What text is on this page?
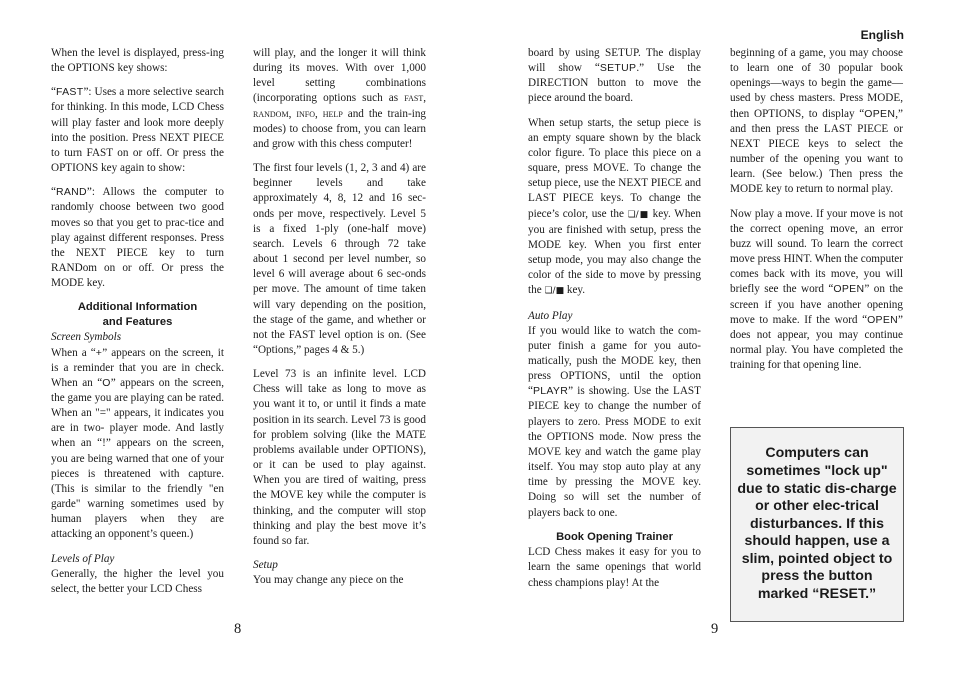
English

When the level is displayed, press-ing the OPTIONS key shows:

“FAST”: Uses a more selective search for thinking. In this mode, LCD Chess will play faster and look more deeply into the position. Press NEXT PIECE to turn FAST on or off. Or press the OPTIONS key again to show:

“RAND”: Allows the computer to randomly choose between two good moves so that you get to prac-tice and play against different responses. Press the NEXT PIECE key to turn RANDom on or off. Or press the MODE key.

Additional Information
and Features

Screen Symbols

When a “+” appears on the screen, it is a reminder that you are in check. When an “O” appears on the screen, the game you are playing can be rated. When an "=" appears, it indicates you are in two- player mode. And lastly when an “!” appears on the screen, you are being warned that one of your pieces is threatened with capture. (This is similar to the friendly "en garde" warning sometimes used by human players when they are attacking an opponent’s queen.)

Levels of Play

Generally, the higher the level you select, the better your LCD Chess

will play, and the longer it will think during its moves. With over 1,000 level setting combinations (incorporating options such as fast, random, info, help and the train-ing modes) to choose from, you can learn and grow with this chess computer!

The first four levels (1, 2, 3 and 4) are beginner levels and take approximately 4, 8, 12 and 16 sec-onds per move, respectively. Level 5 is a fixed 1-ply (one-half move) search. Levels 6 through 72 take about 1 second per level number, so level 6 will average about 6 sec-onds per move. The amount of time taken will vary depending on the position, the stage of the game, and whether or not the FAST level option is on. (See “Options,” pages 4 & 5.)

Level 73 is an infinite level. LCD Chess will take as long to move as you want it to, or until it finds a mate position in its search. Level 73 is good for problem solving (like the MATE problems available under OPTIONS), or it can be used to play against. When you are tired of waiting, press the MOVE key while the computer is thinking, and the computer will stop thinking and play the best move it’s found so far.

Setup

You may change any piece on the

board by using SETUP. The display will show “SETUP.” Use the DIRECTION button to move the piece around the board.

When setup starts, the setup piece is an empty square shown by the black color figure. To place this piece on a square, press MOVE. To change the setup piece, use the NEXT PIECE and LAST PIECE keys. To change the piece’s color, use the ❏/■ key. When you are finished with setup, press the MODE key. When you first enter setup mode, you may also change the color of the side to move by pressing the ❏/■ key.

Auto Play

If you would like to watch the com-puter finish a game for you auto-matically, push the MODE key, then press OPTIONS, until the option “PLAYR” is showing. Use the LAST PIECE key to change the number of players to zero. Press MODE to exit the OPTIONS mode. Now press the MOVE key and watch the game play itself. You may stop auto play at any time by pressing the MOVE key. Doing so will set the number of players back to one.

Book Opening Trainer

LCD Chess makes it easy for you to learn the same openings that world chess champions play! At the

beginning of a game, you may choose to learn one of 30 popular book openings—ways to begin the game—used by chess masters. Press MODE, then OPTIONS, to display “OPEN,” and then press the LAST PIECE or NEXT PIECE keys to select the number of the opening you want to learn. (See below.) Then press the MODE key to return to normal play.

Now play a move. If your move is not the correct opening move, an error buzz will sound. To learn the correct move press HINT. When the computer comes back with its move, you will briefly see the word “OPEN” on the screen if you have another opening move to make. If the word “OPEN” does not appear, you may continue normal play. You have completed the training for that opening line.

Computers can sometimes "lock up" due to static dis-charge or other elec-trical disturbances. If this should happen, use a slim, pointed object to press the button marked “RESET.”

8	9
